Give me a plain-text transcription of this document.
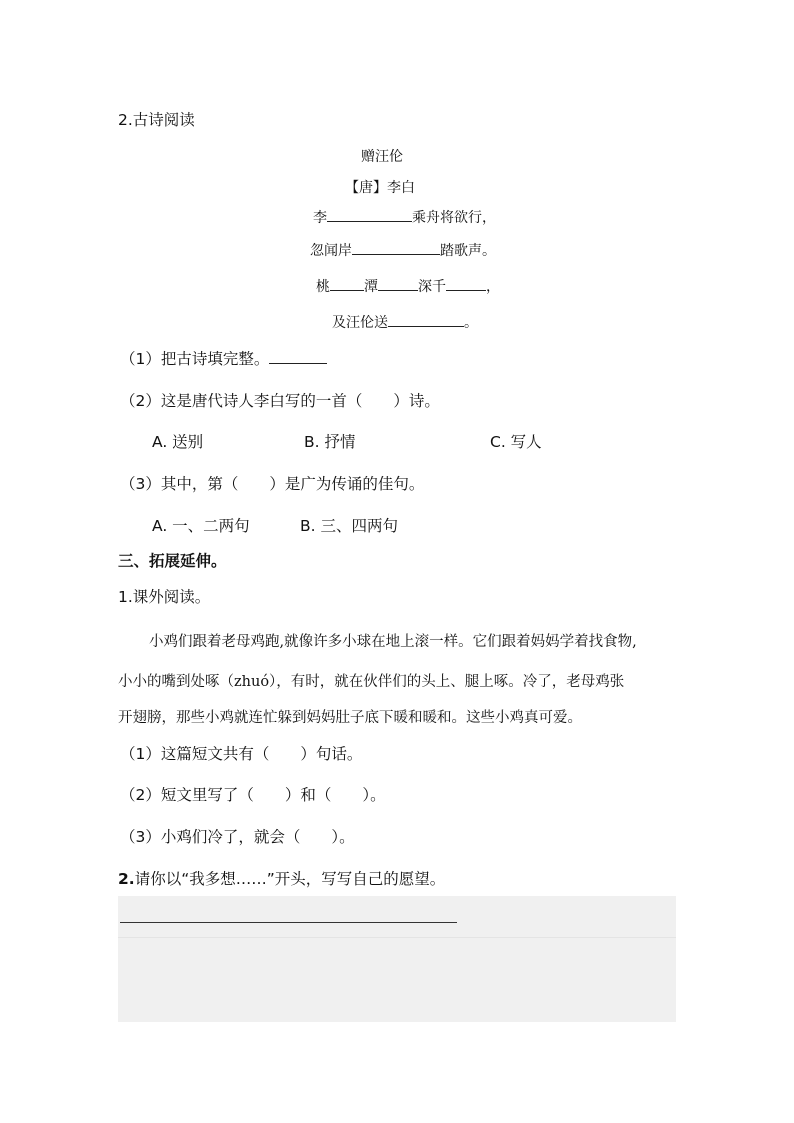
2.古诗阅读
赠汪伦
【唐】李白
李	乘舟将欲行，
忽闻岸	踏歌声。
桃 潭	深千	，
及汪伦送	。
（1）把古诗填完整。
（2）这是唐代诗人李白写的一首（　　）诗。
A. 送别	B. 抒情	C. 写人
（3）其中，第（　　）是广为传诵的佳句。
A. 一、二两句	B. 三、四两句
三、拓展延伸。
1.课外阅读。
小鸡们跟着老母鸡跑,就像许多小球在地上滚一样。它们跟着妈妈学着找食物,
小小的嘴到处啄（zhuó），有时，就在伙伴们的头上、腿上啄。冷了，老母鸡张
开翅膀，那些小鸡就连忙躲到妈妈肚子底下暖和暖和。这些小鸡真可爱。
（1）这篇短文共有（　　）句话。
（2）短文里写了（　　）和（　　）。
（3）小鸡们冷了，就会（　　）。
2.请你以“我多想……”开头，写写自己的愿望。
